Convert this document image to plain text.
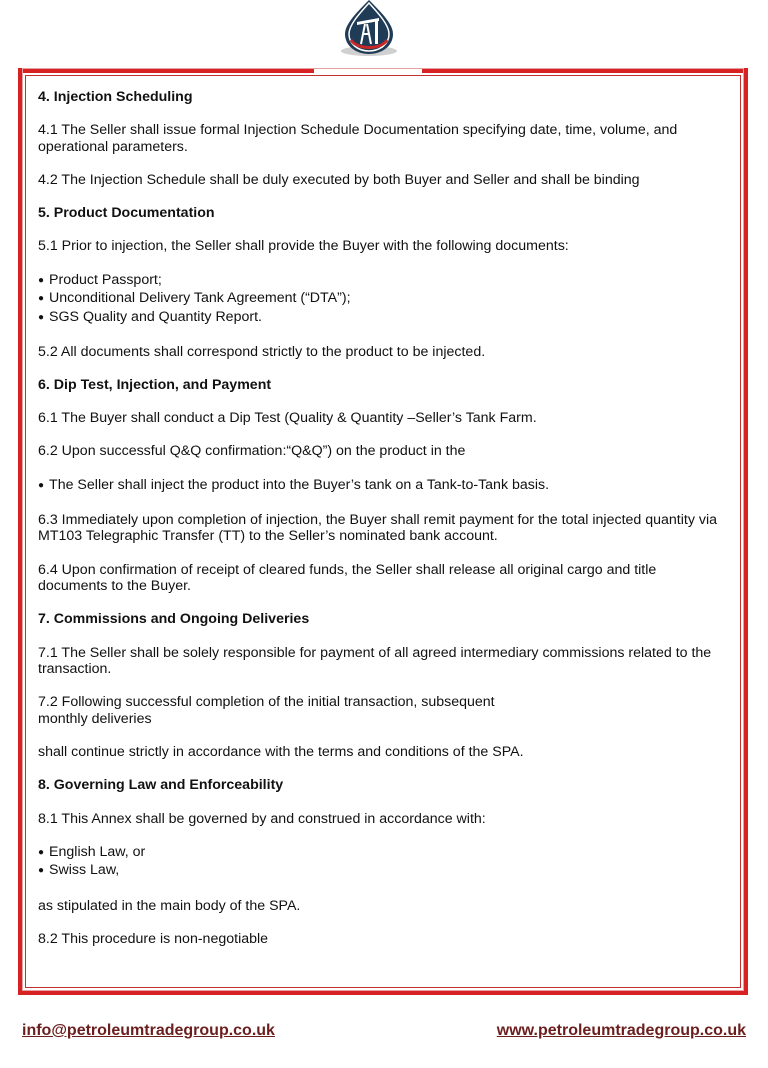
4. Injection Scheduling

4.1 The Seller shall issue formal Injection Schedule Documentation specifying date, time, volume, and operational parameters.

4.2 The Injection Schedule shall be duly executed by both Buyer and Seller and shall be binding

5. Product Documentation

5.1 Prior to injection, the Seller shall provide the Buyer with the following documents:

● Product Passport;

● Unconditional Delivery Tank Agreement (“DTA”);

● SGS Quality and Quantity Report.

5.2 All documents shall correspond strictly to the product to be injected.

6. Dip Test, Injection, and Payment

6.1 The Buyer shall conduct a Dip Test (Quality & Quantity –Seller’s Tank Farm.

6.2 Upon successful Q&Q confirmation:“Q&Q”) on the product in the

● The Seller shall inject the product into the Buyer’s tank on a Tank-to-Tank basis.

6.3 Immediately upon completion of injection, the Buyer shall remit payment for the total injected quantity via MT103 Telegraphic Transfer (TT) to the Seller’s nominated bank account.

6.4 Upon confirmation of receipt of cleared funds, the Seller shall release all original cargo and title documents to the Buyer.

7. Commissions and Ongoing Deliveries

7.1 The Seller shall be solely responsible for payment of all agreed intermediary commissions related to the transaction.

7.2 Following successful completion of the initial transaction, subsequent

monthly deliveries

shall continue strictly in accordance with the terms and conditions of the SPA.

8. Governing Law and Enforceability

8.1 This Annex shall be governed by and construed in accordance with:

● English Law, or

● Swiss Law,

as stipulated in the main body of the SPA.

8.2 This procedure is non-negotiable

info@petroleumtradegroup.co.uk	www.petroleumtradegroup.co.uk
